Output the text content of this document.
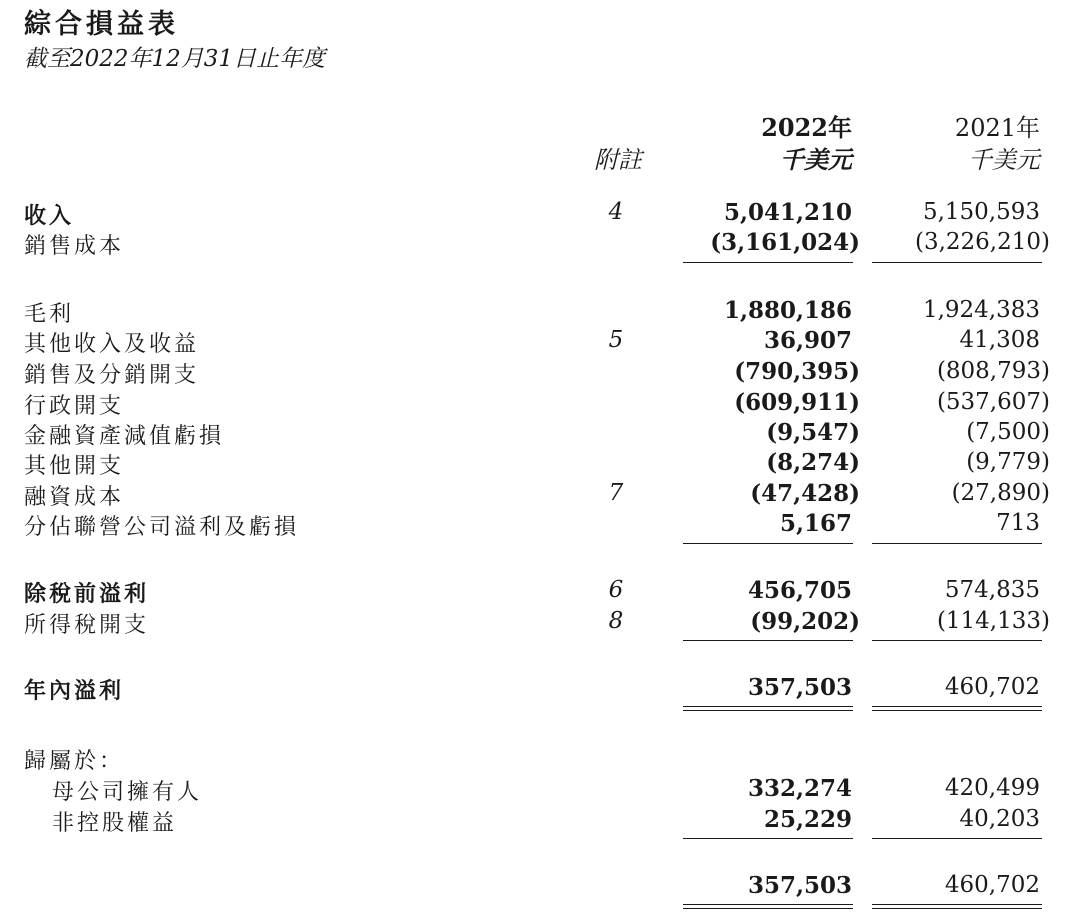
綜合損益表
截至2022年12月31日止年度
2022年	2021年
附註	千美元	千美元
收入	4	5,041,210	5,150,593
銷售成本	(3,161,024) (3,226,210)
毛利	1,880,186	1,924,383
其他收入及收益	5	36,907	41,308
銷售及分銷開支	(790,395)	(808,793)
行政開支	(609,911)	(537,607)
金融資產減值虧損	(9,547)	(7,500)
其他開支	(8,274)	(9,779)
融資成本	7	(47,428)	(27,890)
分佔聯營公司溢利及虧損	5,167	713
除稅前溢利	6	456,705	574,835
所得稅開支	8	(99,202)	(114,133)
年內溢利	357,503	460,702
歸屬於：
母公司擁有人	332,274	420,499
非控股權益	25,229	40,203
357,503	460,702
